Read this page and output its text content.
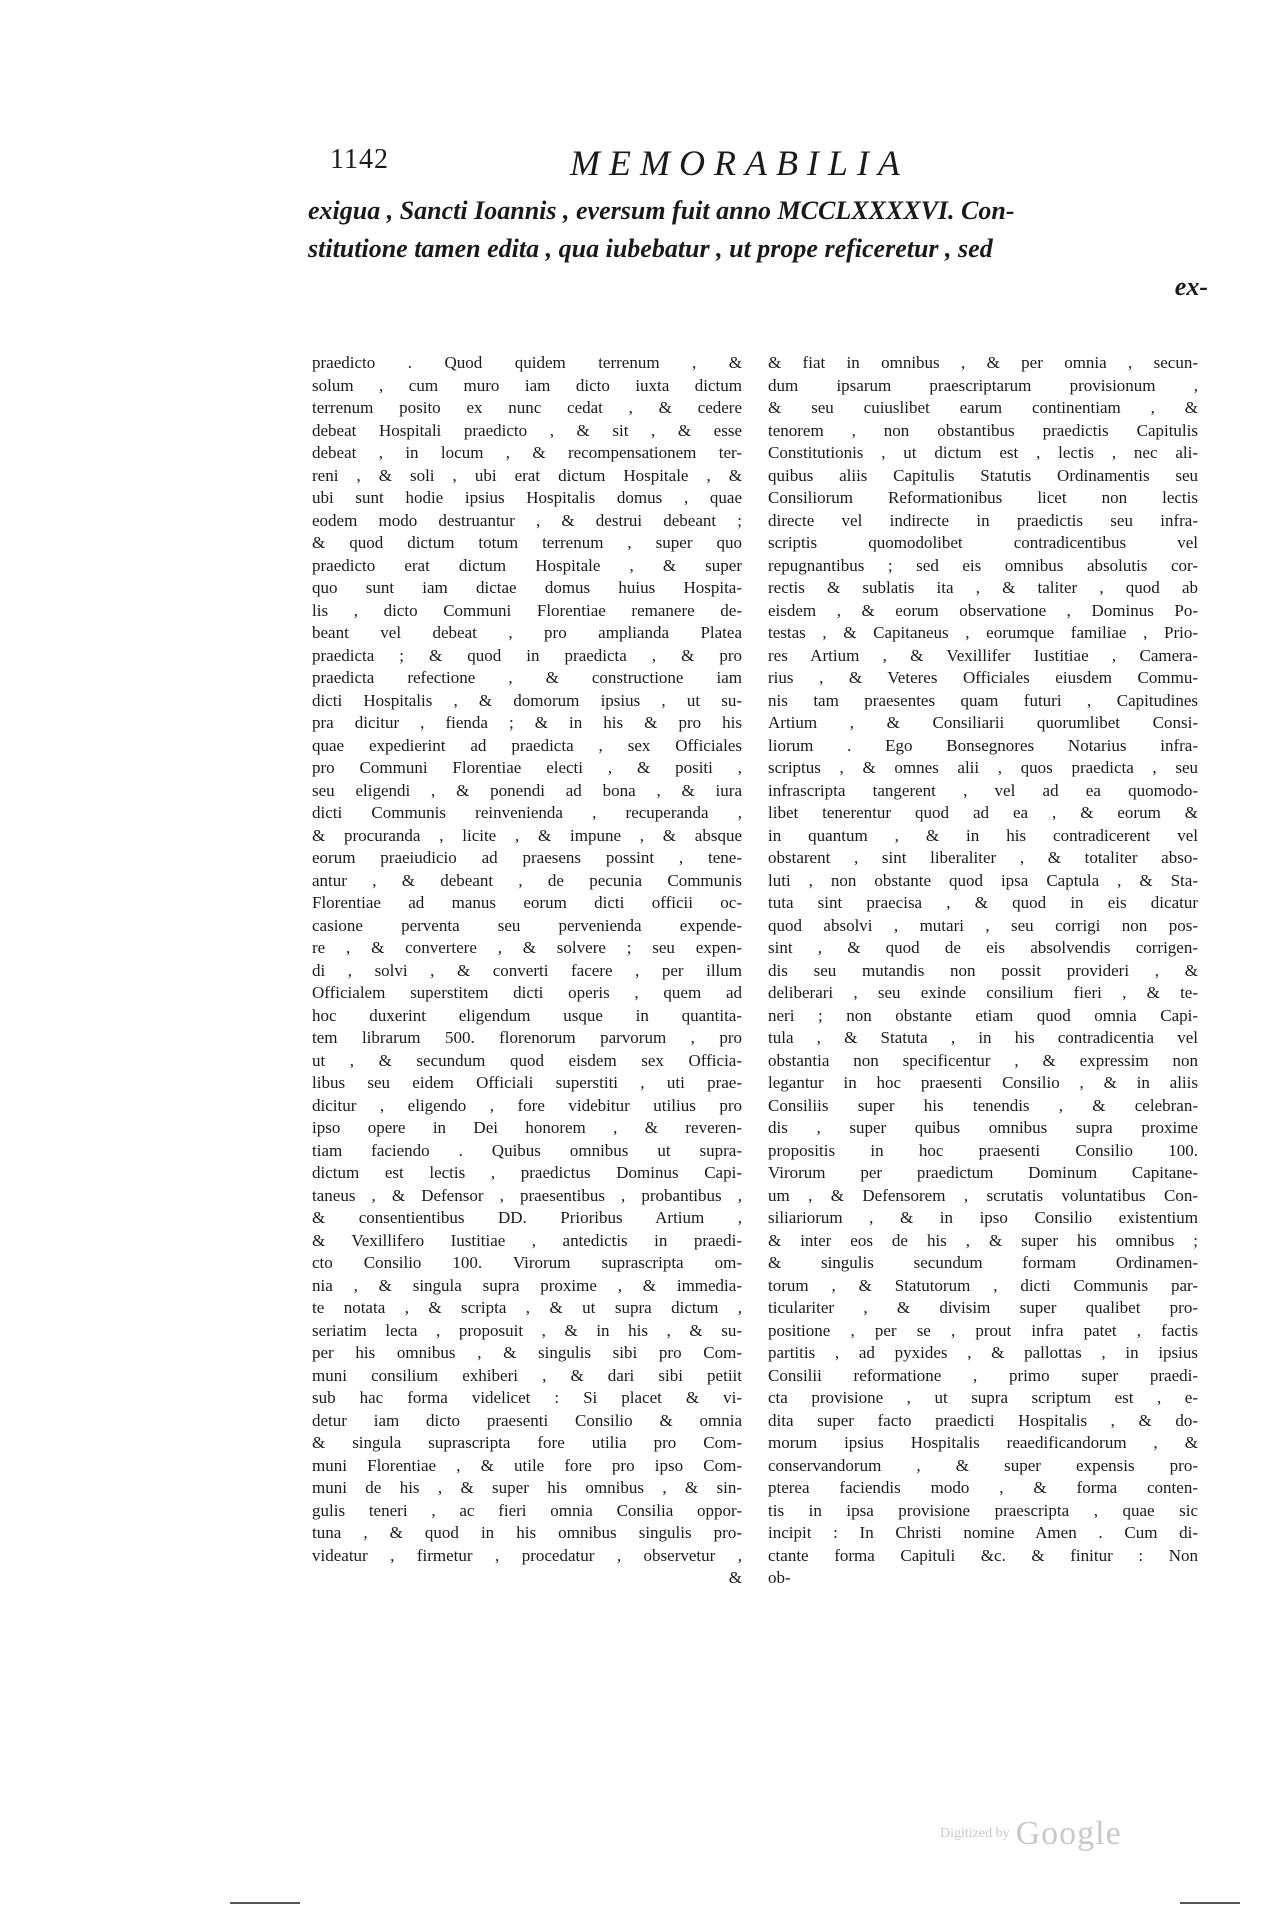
1142	MEMORABILIA
exigua , Sancti Ioannis , eversum fuit anno MCCLXXXXVI. Con-
stitutione tamen edita , qua iubebatur , ut prope reficeretur , sed
ex-
praedicto . Quod quidem terrenum , &
solum , cum muro iam dicto iuxta dictum
terrenum posito ex nunc cedat , & cedere
debeat Hospitali praedicto , & sit , & esse
debeat , in locum , & recompensationem ter-
reni , & soli , ubi erat dictum Hospitale , &
ubi sunt hodie ipsius Hospitalis domus , quae
eodem modo destruantur , & destrui debeant ;
& quod dictum totum terrenum , super quo
praedicto erat dictum Hospitale , & super
quo sunt iam dictae domus huius Hospita-
lis , dicto Communi Florentiae remanere de-
beant vel debeat , pro amplianda Platea
praedicta ; & quod in praedicta , & pro
praedicta refectione , & constructione iam
dicti Hospitalis , & domorum ipsius , ut su-
pra dicitur , fienda ; & in his & pro his
quae expedierint ad praedicta , sex Officiales
pro Communi Florentiae electi , & positi ,
seu eligendi , & ponendi ad bona , & iura
dicti Communis reinvenienda , recuperanda ,
& procuranda , licite , & impune , & absque
eorum praeiudicio ad praesens possint , tene-
antur , & debeant , de pecunia Communis
Florentiae ad manus eorum dicti officii oc-
casione perventa seu pervenienda expende-
re , & convertere , & solvere ; seu expen-
di , solvi , & converti facere , per illum
Officialem superstitem dicti operis , quem ad
hoc duxerint eligendum usque in quantita-
tem librarum 500. florenorum parvorum , pro
ut , & secundum quod eisdem sex Officia-
libus seu eidem Officiali superstiti , uti prae-
dicitur , eligendo , fore videbitur utilius pro
ipso opere in Dei honorem , & reveren-
tiam faciendo . Quibus omnibus ut supra-
dictum est lectis , praedictus Dominus Capi-
taneus , & Defensor , praesentibus , probantibus ,
& consentientibus DD. Prioribus Artium ,
& Vexillifero Iustitiae , antedictis in praedi-
cto Consilio 100. Virorum suprascripta om-
nia , & singula supra proxime , & immedia-
te notata , & scripta , & ut supra dictum ,
seriatim lecta , proposuit , & in his , & su-
per his omnibus , & singulis sibi pro Com-
muni consilium exhiberi , & dari sibi petiit
sub hac forma videlicet : Si placet & vi-
detur iam dicto praesenti Consilio & omnia
& singula suprascripta fore utilia pro Com-
muni Florentiae , & utile fore pro ipso Com-
muni de his , & super his omnibus , & sin-
gulis teneri , ac fieri omnia Consilia oppor-
tuna , & quod in his omnibus singulis pro-
videatur , firmetur , procedatur , observetur ,
&
& fiat in omnibus , & per omnia , secun-
dum ipsarum praescriptarum provisionum ,
& seu cuiuslibet earum continentiam , &
tenorem , non obstantibus praedictis Capitulis
Constitutionis , ut dictum est , lectis , nec ali-
quibus aliis Capitulis Statutis Ordinamentis seu
Consiliorum Reformationibus licet non lectis
directe vel indirecte in praedictis seu infra-
scriptis quomodolibet contradicentibus vel
repugnantibus ; sed eis omnibus absolutis cor-
rectis & sublatis ita , & taliter , quod ab
eisdem , & eorum observatione , Dominus Po-
testas , & Capitaneus , eorumque familiae , Prio-
res Artium , & Vexillifer Iustitiae , Camera-
rius , & Veteres Officiales eiusdem Commu-
nis tam praesentes quam futuri , Capitudines
Artium , & Consiliarii quorumlibet Consi-
liorum . Ego Bonsegnores Notarius infra-
scriptus , & omnes alii , quos praedicta , seu
infrascripta tangerent , vel ad ea quomodo-
libet tenerentur quod ad ea , & eorum &
in quantum , & in his contradicerent vel
obstarent , sint liberaliter , & totaliter abso-
luti , non obstante quod ipsa Captula , & Sta-
tuta sint praecisa , & quod in eis dicatur
quod absolvi , mutari , seu corrigi non pos-
sint , & quod de eis absolvendis corrigen-
dis seu mutandis non possit provideri , &
deliberari , seu exinde consilium fieri , & te-
neri ; non obstante etiam quod omnia Capi-
tula , & Statuta , in his contradicentia vel
obstantia non specificentur , & expressim non
legantur in hoc praesenti Consilio , & in aliis
Consiliis super his tenendis , & celebran-
dis , super quibus omnibus supra proxime
propositis in hoc praesenti Consilio 100.
Virorum per praedictum Dominum Capitane-
um , & Defensorem , scrutatis voluntatibus Con-
siliariorum , & in ipso Consilio existentium
& inter eos de his , & super his omnibus ;
& singulis secundum formam Ordinamen-
torum , & Statutorum , dicti Communis par-
ticulariter , & divisim super qualibet pro-
positione , per se , prout infra patet , factis
partitis , ad pyxides , & pallottas , in ipsius
Consilii reformatione , primo super praedi-
cta provisione , ut supra scriptum est , e-
dita super facto praedicti Hospitalis , & do-
morum ipsius Hospitalis reaedificandorum , &
conservandorum , & super expensis pro-
pterea faciendis modo , & forma conten-
tis in ipsa provisione praescripta , quae sic
incipit : In Christi nomine Amen . Cum di-
ctante forma Capituli &c. & finitur : Non
ob-
Digitized by Google
